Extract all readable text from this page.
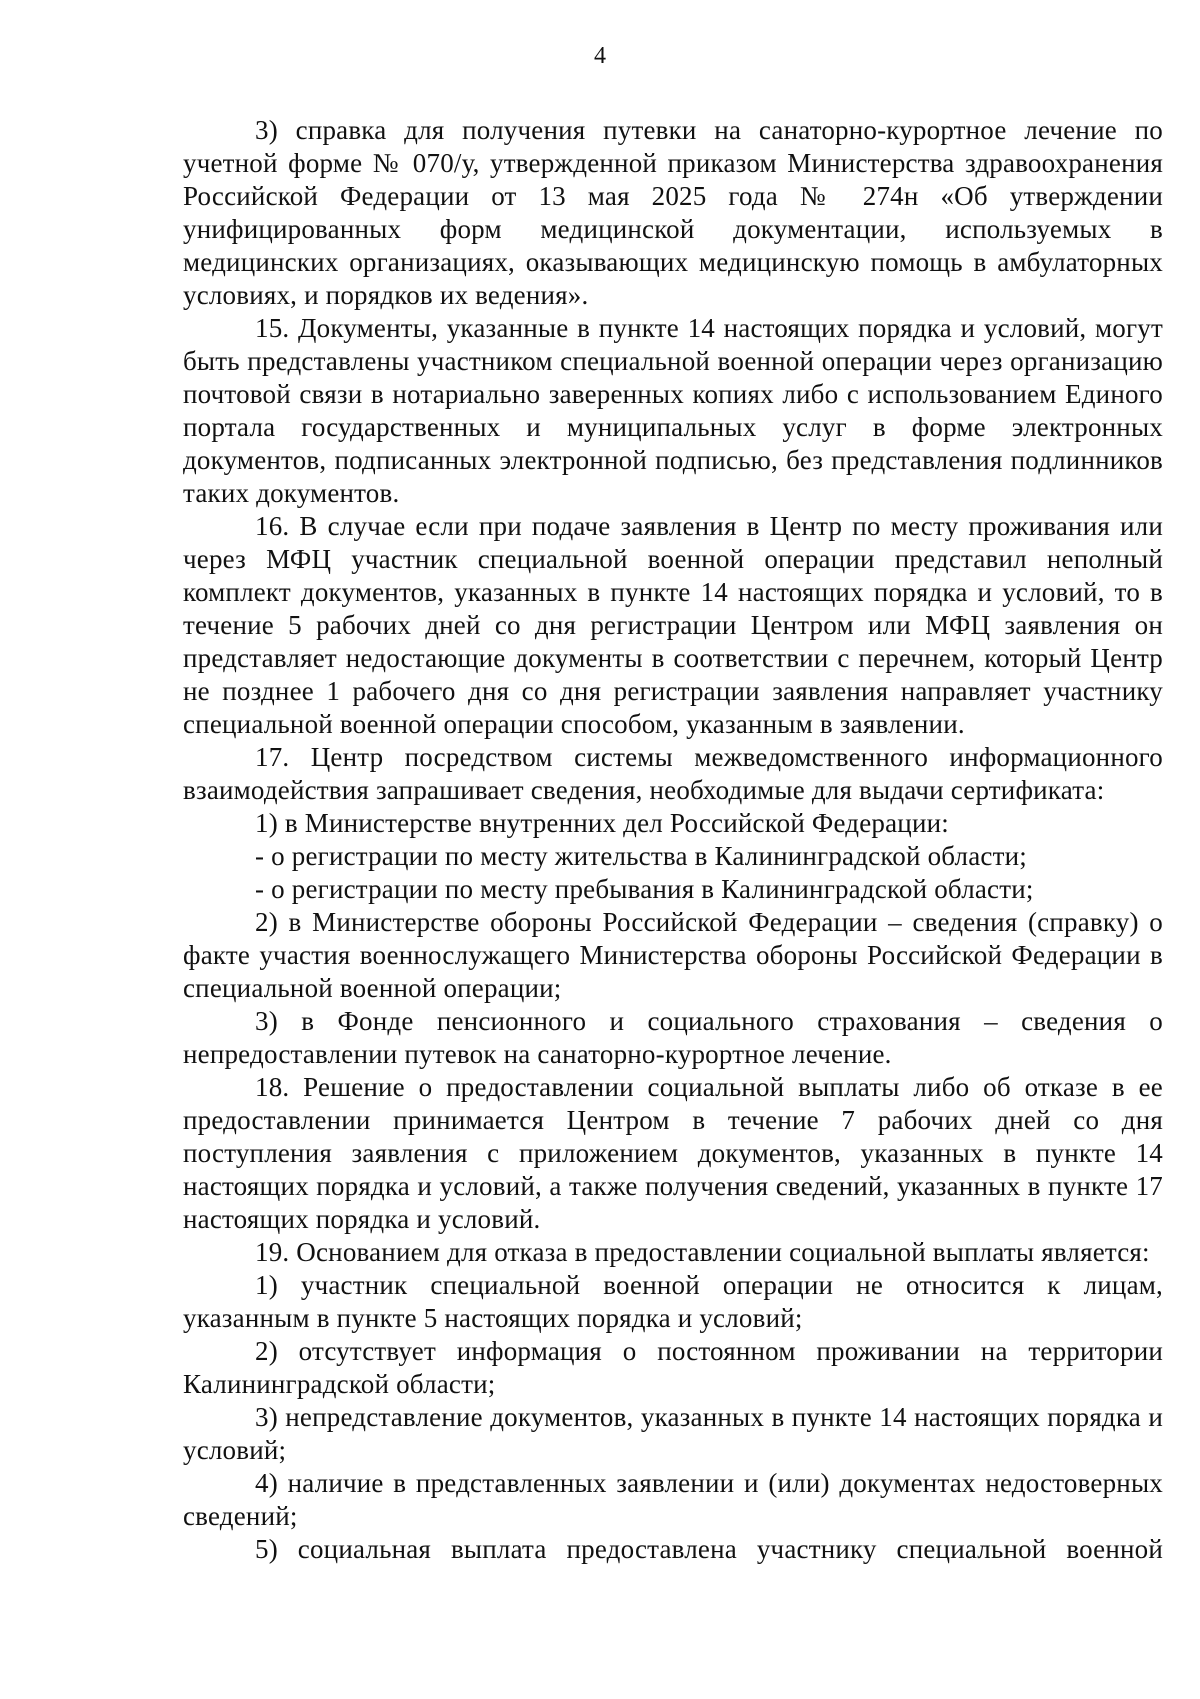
4

3) справка для получения путевки на санаторно-курортное лечение по учетной форме № 070/у, утвержденной приказом Министерства здравоохранения Российской Федерации от 13 мая 2025 года № 274н «Об утверждении унифицированных форм медицинской документации, используемых в медицинских организациях, оказывающих медицинскую помощь в амбулаторных условиях, и порядков их ведения».

15. Документы, указанные в пункте 14 настоящих порядка и условий, могут быть представлены участником специальной военной операции через организацию почтовой связи в нотариально заверенных копиях либо с использованием Единого портала государственных и муниципальных услуг в форме электронных документов, подписанных электронной подписью, без представления подлинников таких документов.

16. В случае если при подаче заявления в Центр по месту проживания или через МФЦ участник специальной военной операции представил неполный комплект документов, указанных в пункте 14 настоящих порядка и условий, то в течение 5 рабочих дней со дня регистрации Центром или МФЦ заявления он представляет недостающие документы в соответствии с перечнем, который Центр не позднее 1 рабочего дня со дня регистрации заявления направляет участнику специальной военной операции способом, указанным в заявлении.

17. Центр посредством системы межведомственного информационного взаимодействия запрашивает сведения, необходимые для выдачи сертификата:

1) в Министерстве внутренних дел Российской Федерации:

- о регистрации по месту жительства в Калининградской области;

- о регистрации по месту пребывания в Калининградской области;

2) в Министерстве обороны Российской Федерации – сведения (справку) о факте участия военнослужащего Министерства обороны Российской Федерации в специальной военной операции;

3) в Фонде пенсионного и социального страхования – сведения о непредоставлении путевок на санаторно-курортное лечение.

18. Решение о предоставлении социальной выплаты либо об отказе в ее предоставлении принимается Центром в течение 7 рабочих дней со дня поступления заявления с приложением документов, указанных в пункте 14 настоящих порядка и условий, а также получения сведений, указанных в пункте 17 настоящих порядка и условий.

19. Основанием для отказа в предоставлении социальной выплаты является:

1) участник специальной военной операции не относится к лицам, указанным в пункте 5 настоящих порядка и условий;

2) отсутствует информация о постоянном проживании на территории Калининградской области;

3) непредставление документов, указанных в пункте 14 настоящих порядка и условий;

4) наличие в представленных заявлении и (или) документах недостоверных сведений;

5) социальная выплата предоставлена участнику специальной военной
